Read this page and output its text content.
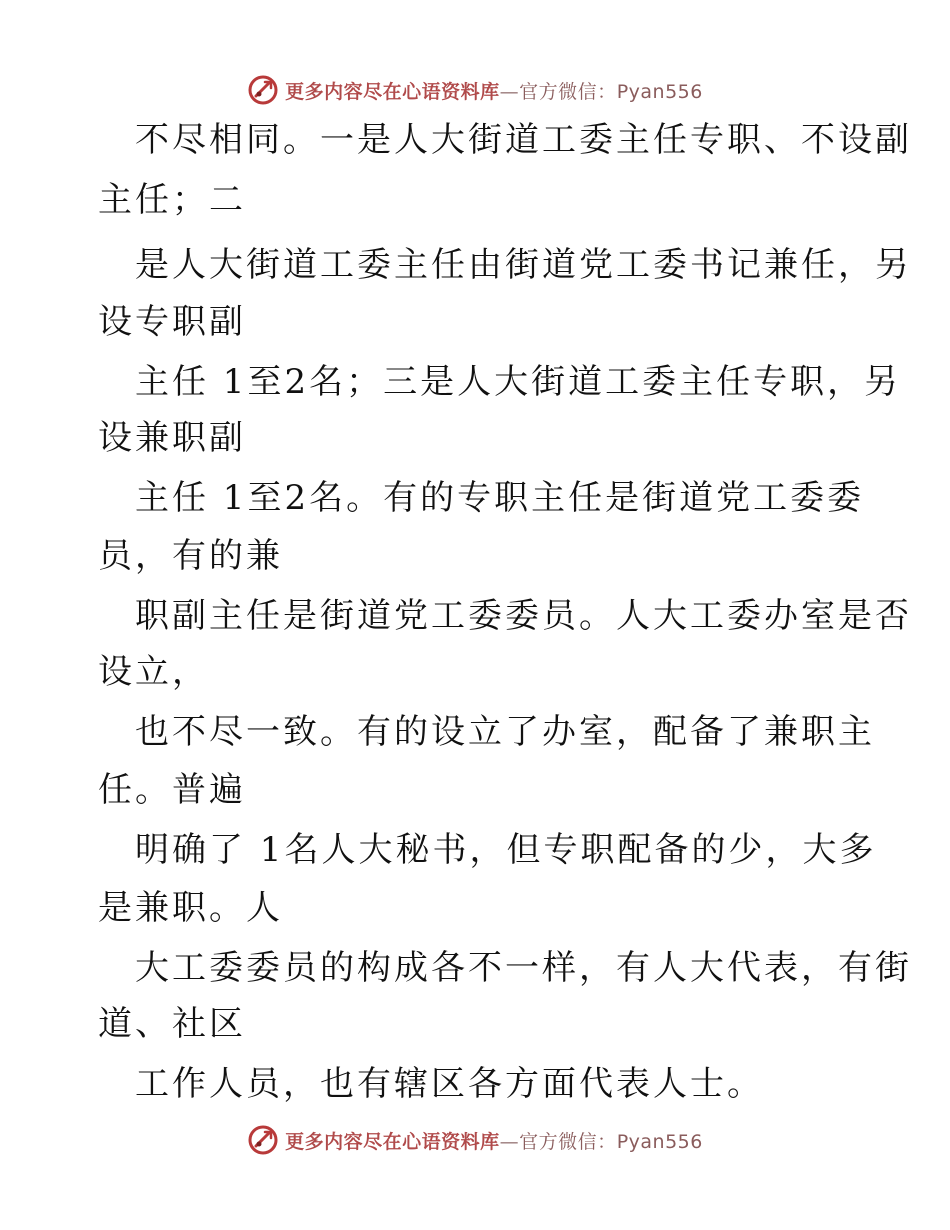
更多内容尽在心语资料库—官方微信：Pyan556
不尽相同。一是人大街道工委主任专职、不设副
主任；二
是人大街道工委主任由街道党工委书记兼任，另
设专职副
主任 1至2名；三是人大街道工委主任专职，另
设兼职副
主任 1至2名。有的专职主任是街道党工委委
员，有的兼
职副主任是街道党工委委员。人大工委办室是否
设立，
也不尽一致。有的设立了办室，配备了兼职主
任。普遍
明确了 1名人大秘书，但专职配备的少，大多
是兼职。人
大工委委员的构成各不一样，有人大代表，有街
道、社区
工作人员，也有辖区各方面代表人士。
更多内容尽在心语资料库—官方微信：Pyan556
